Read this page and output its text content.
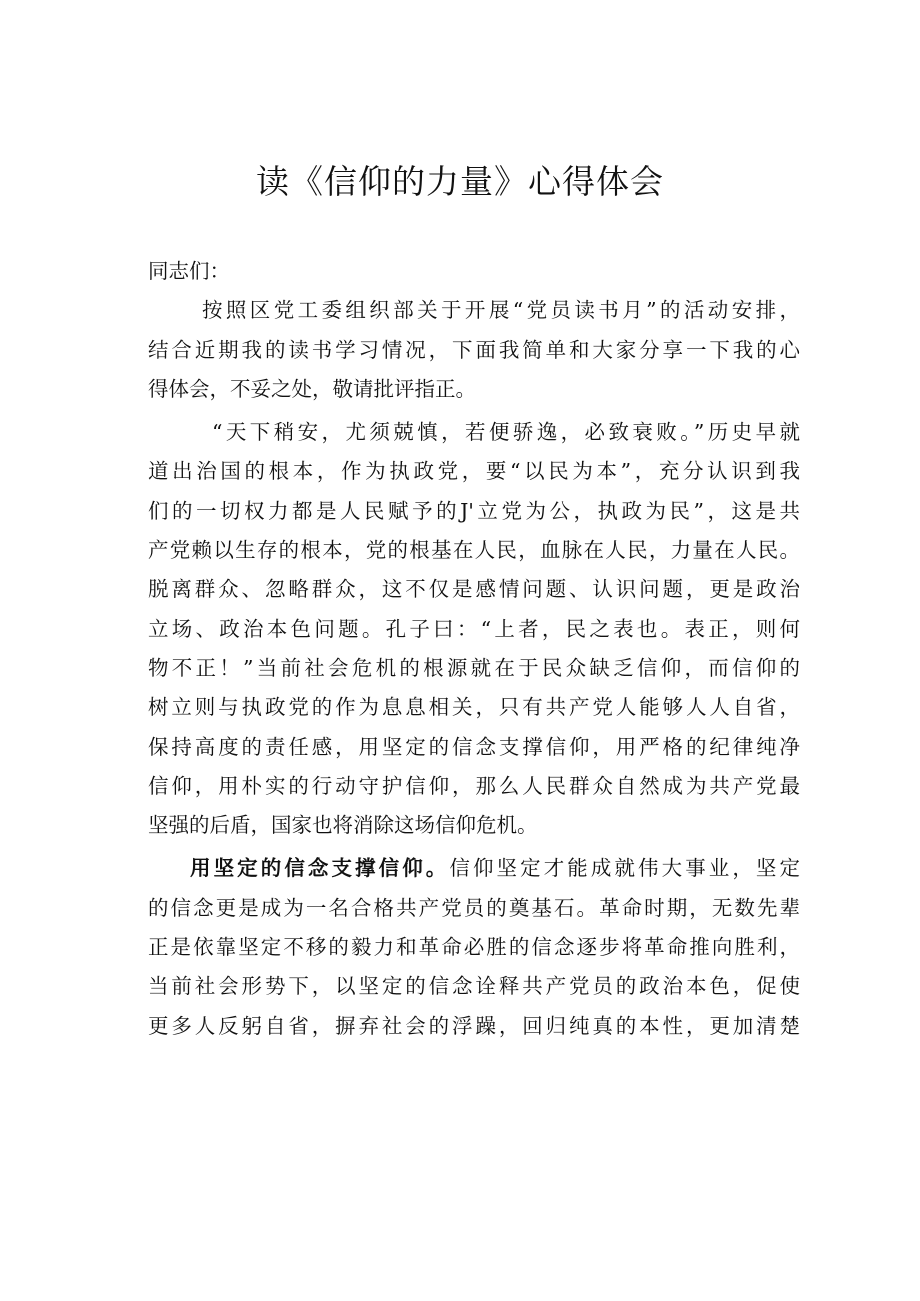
读《信仰的力量》心得体会
同志们：
按照区党工委组织部关于开展“党员读书月”的活动安排，
结合近期我的读书学习情况，下面我简单和大家分享一下我的心
得体会，不妥之处，敬请批评指正。
“天下稍安，尤须兢慎，若便骄逸，必致衰败。”历史早就
道出治国的根本，作为执政党，要“以民为本”，充分认识到我
们的一切权力都是人民赋予的J'立党为公，执政为民”，这是共
产党赖以生存的根本，党的根基在人民，血脉在人民，力量在人民。
脱离群众、忽略群众，这不仅是感情问题、认识问题，更是政治
立场、政治本色问题。孔子曰：“上者，民之表也。表正，则何
物不正！”当前社会危机的根源就在于民众缺乏信仰，而信仰的
树立则与执政党的作为息息相关，只有共产党人能够人人自省，
保持高度的责任感，用坚定的信念支撑信仰，用严格的纪律纯净
信仰，用朴实的行动守护信仰，那么人民群众自然成为共产党最
坚强的后盾，国家也将消除这场信仰危机。
用坚定的信念支撑信仰。信仰坚定才能成就伟大事业，坚定
的信念更是成为一名合格共产党员的奠基石。革命时期，无数先辈
正是依靠坚定不移的毅力和革命必胜的信念逐步将革命推向胜利，
当前社会形势下，以坚定的信念诠释共产党员的政治本色，促使
更多人反躬自省，摒弃社会的浮躁，回归纯真的本性，更加清楚
